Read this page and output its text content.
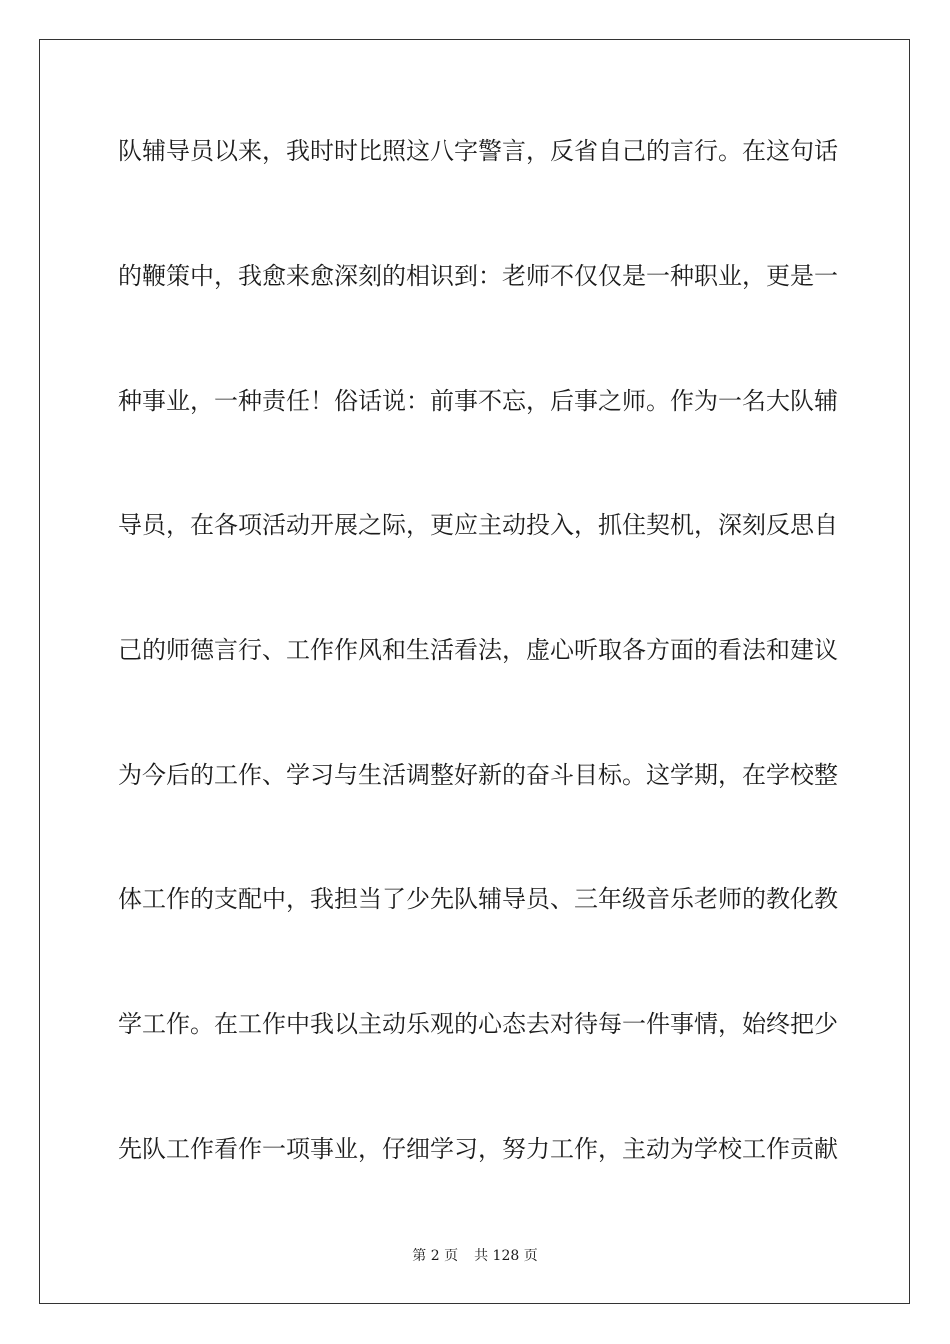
队辅导员以来，我时时比照这八字警言，反省自己的言行。在这句话
的鞭策中，我愈来愈深刻的相识到：老师不仅仅是一种职业，更是一
种事业，一种责任！俗话说：前事不忘，后事之师。作为一名大队辅
导员，在各项活动开展之际，更应主动投入，抓住契机，深刻反思自
己的师德言行、工作作风和生活看法，虚心听取各方面的看法和建议
为今后的工作、学习与生活调整好新的奋斗目标。这学期，在学校整
体工作的支配中，我担当了少先队辅导员、三年级音乐老师的教化教
学工作。在工作中我以主动乐观的心态去对待每一件事情，始终把少
先队工作看作一项事业，仔细学习，努力工作，主动为学校工作贡献
第 2 页 共 128 页
